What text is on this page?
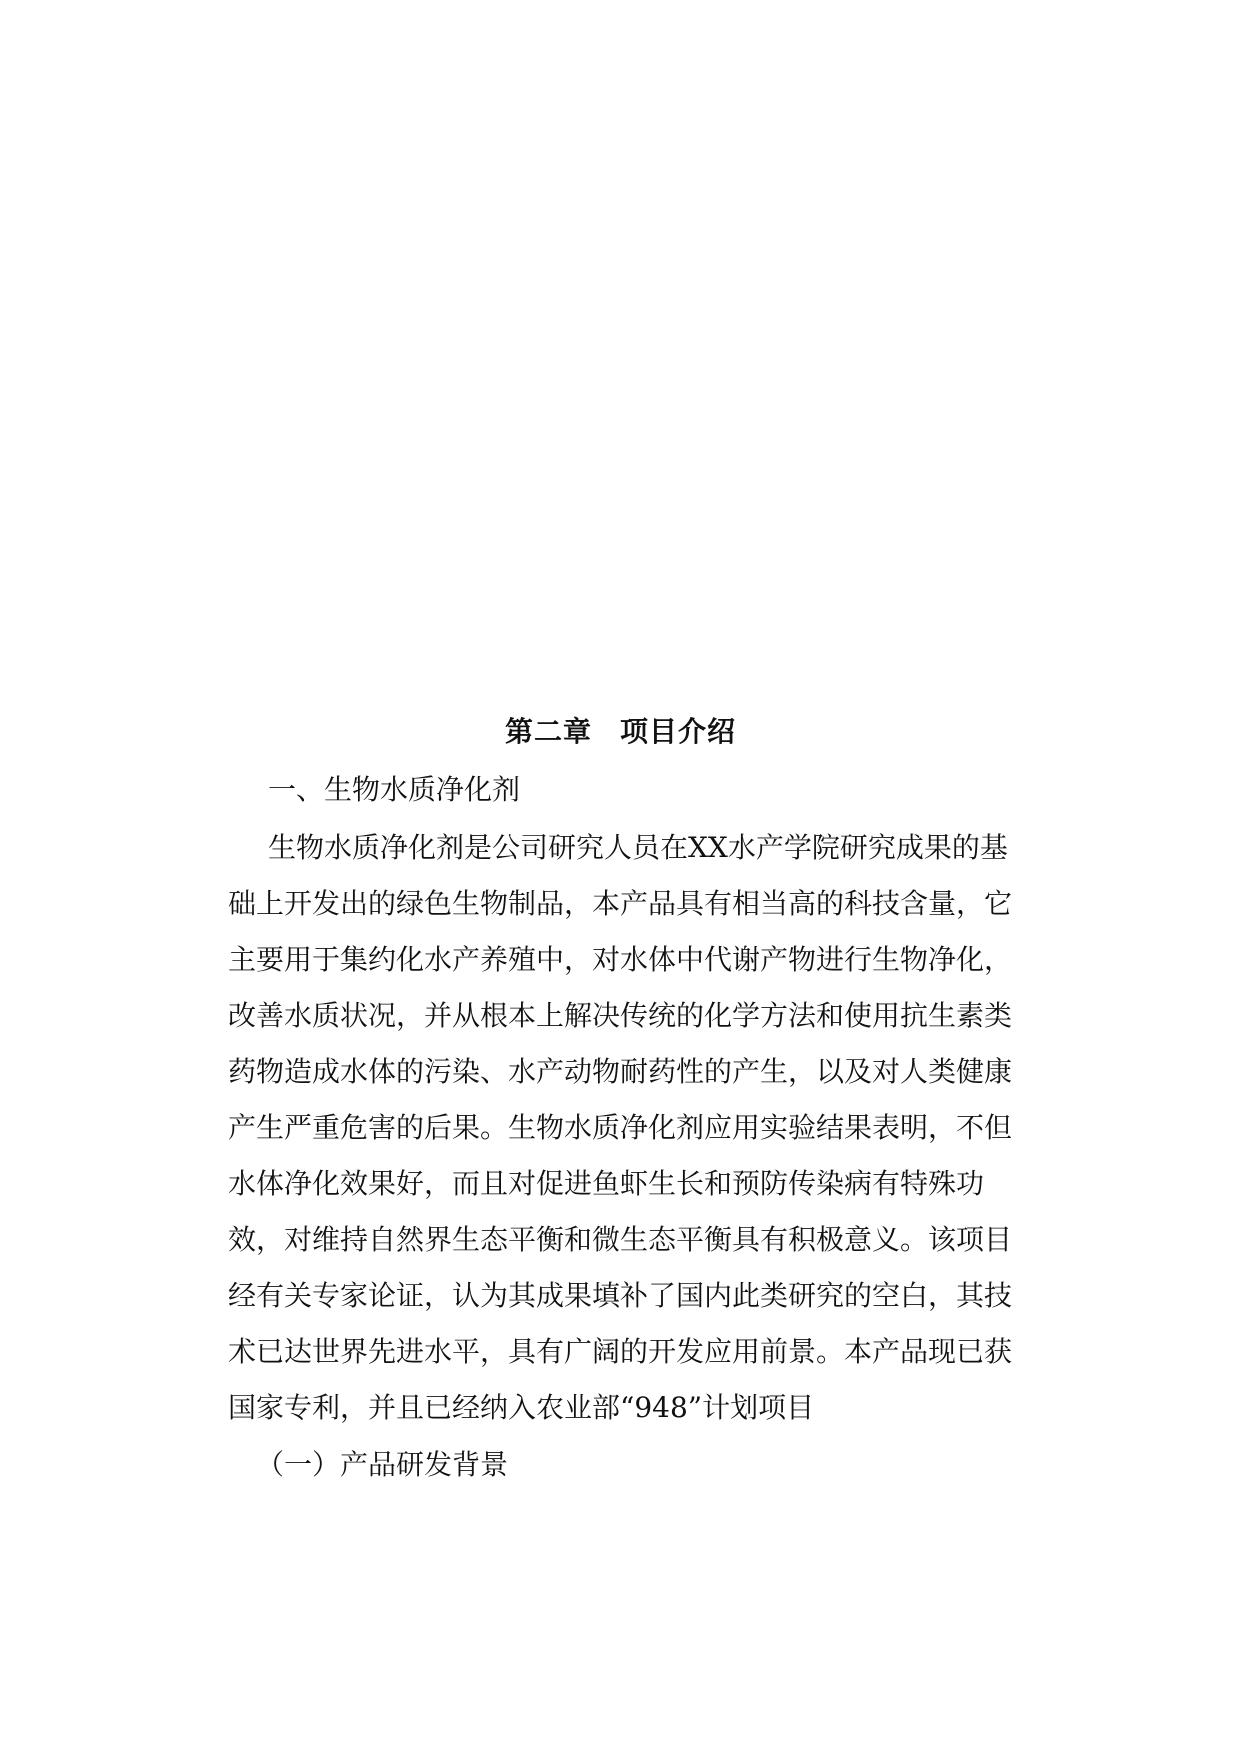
第二章 项目介绍
一、生物水质净化剂
生物水质净化剂是公司研究人员在XX水产学院研究成果的基
础上开发出的绿色生物制品，本产品具有相当高的科技含量，它
主要用于集约化水产养殖中，对水体中代谢产物进行生物净化，
改善水质状况，并从根本上解决传统的化学方法和使用抗生素类
药物造成水体的污染、水产动物耐药性的产生，以及对人类健康
产生严重危害的后果。生物水质净化剂应用实验结果表明，不但
水体净化效果好，而且对促进鱼虾生长和预防传染病有特殊功
效，对维持自然界生态平衡和微生态平衡具有积极意义。该项目
经有关专家论证，认为其成果填补了国内此类研究的空白，其技
术已达世界先进水平，具有广阔的开发应用前景。本产品现已获
国家专利，并且已经纳入农业部“948”计划项目
（一）产品研发背景
